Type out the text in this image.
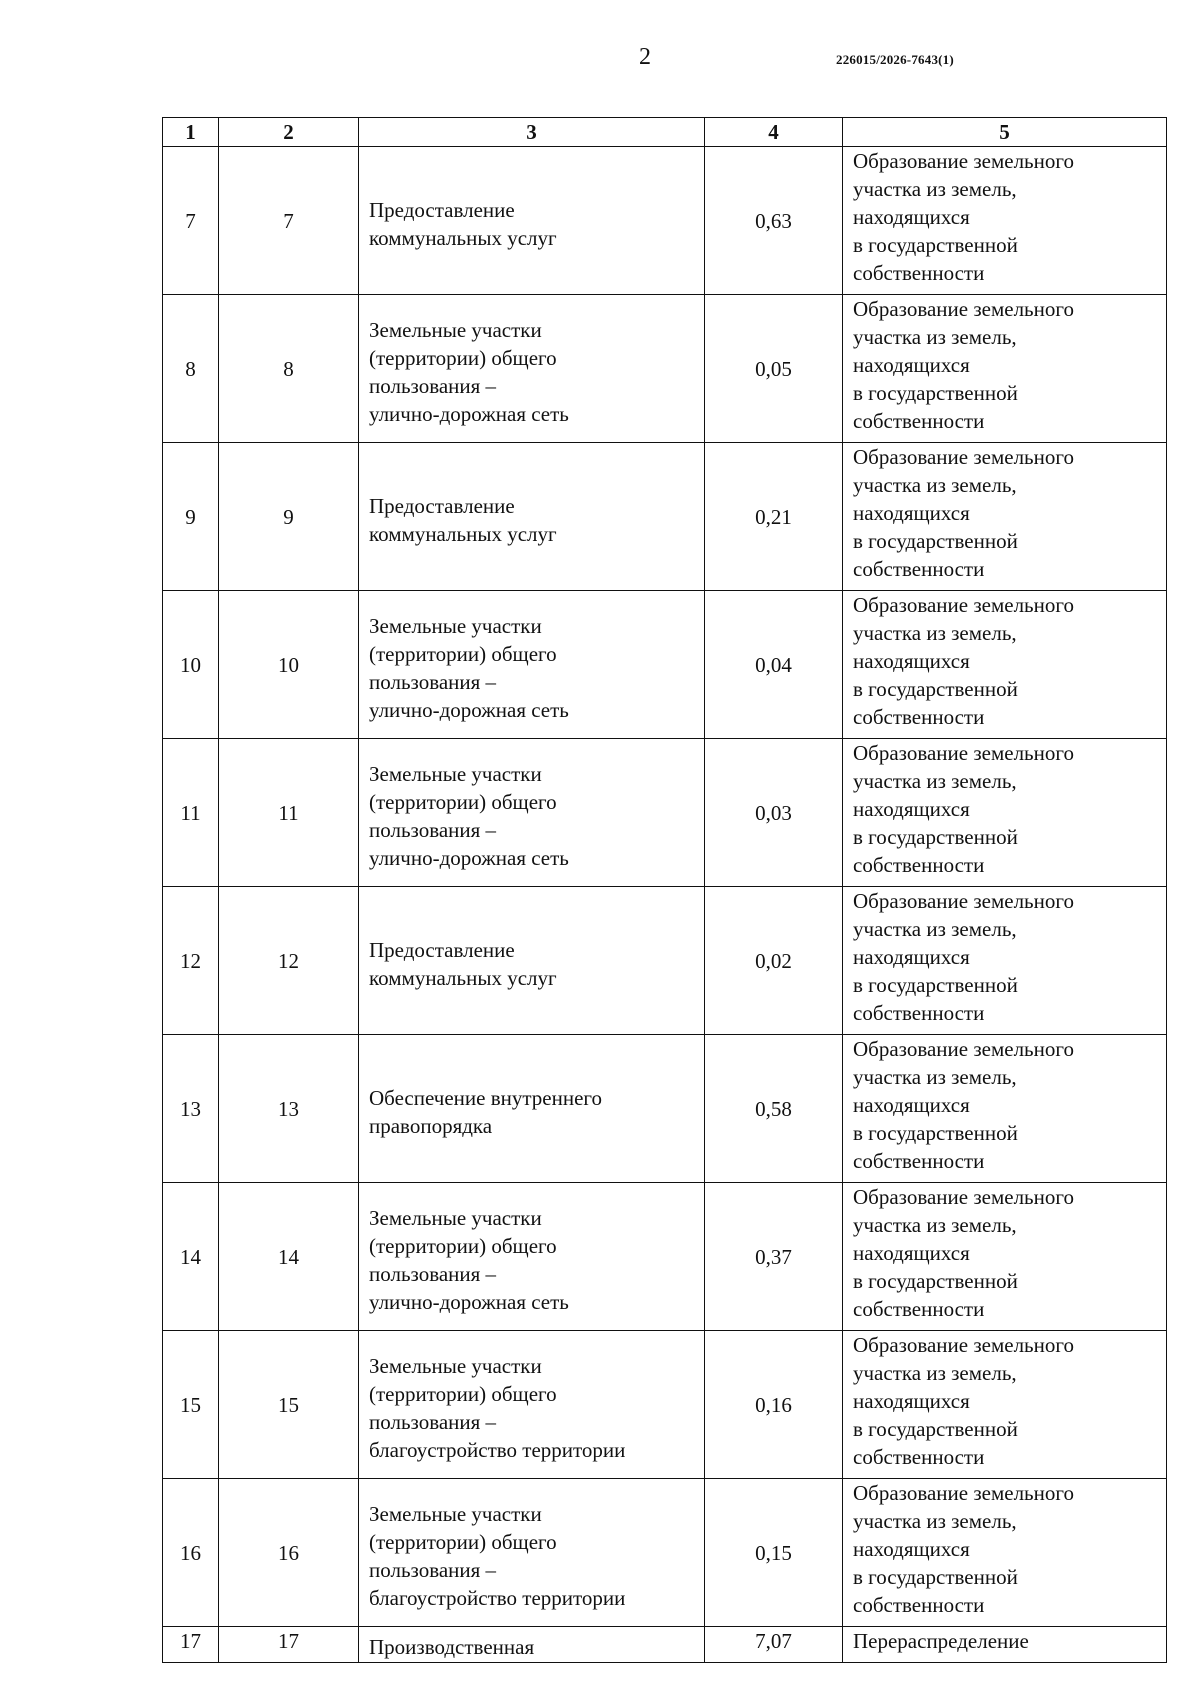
2	226015/2026-7643(1)
1	2	3	4	5
7	7	Предоставление
коммунальных услуг	0,63	Образование земельного
участка из земель,
находящихся
в государственной
собственности

8	8	Земельные участки
(территории) общего
пользования –
улично-дорожная сеть	0,05	Образование земельного
участка из земель,
находящихся
в государственной
собственности

9	9	Предоставление
коммунальных услуг	0,21	Образование земельного
участка из земель,
находящихся
в государственной
собственности

10	10	Земельные участки
(территории) общего
пользования –
улично-дорожная сеть	0,04	Образование земельного
участка из земель,
находящихся
в государственной
собственности

11	11	Земельные участки
(территории) общего
пользования –
улично-дорожная сеть	0,03	Образование земельного
участка из земель,
находящихся
в государственной
собственности

12	12	Предоставление
коммунальных услуг	0,02	Образование земельного
участка из земель,
находящихся
в государственной
собственности

13	13	Обеспечение внутреннего
правопорядка	0,58	Образование земельного
участка из земель,
находящихся
в государственной
собственности

14	14	Земельные участки
(территории) общего
пользования –
улично-дорожная сеть	0,37	Образование земельного
участка из земель,
находящихся
в государственной
собственности

15	15	Земельные участки
(территории) общего
пользования –
благоустройство территории	0,16	Образование земельного
участка из земель,
находящихся
в государственной
собственности

16	16	Земельные участки
(территории) общего
пользования –
благоустройство территории	0,15	Образование земельного
участка из земель,
находящихся
в государственной
собственности

17	17	Производственная	7,07	Перераспределение
